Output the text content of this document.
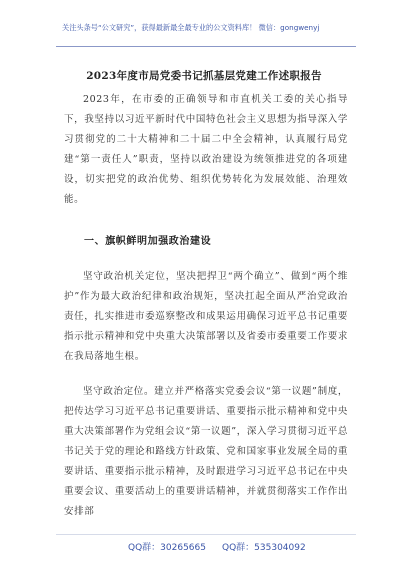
关注头条号“公文研究”，获得最新最全最专业的公文资料库！ 微信：gongwenyj
2023年度市局党委书记抓基层党建工作述职报告

2023年，在市委的正确领导和市直机关工委的关心指导下，我坚持以习近平新时代中国特色社会主义思想为指导深入学习贯彻党的二十大精神和二十届二中全会精神，认真履行局党建“第一责任人”职责，坚持以政治建设为统领推进党的各项建设，切实把党的政治优势、组织优势转化为发展效能、治理效能。

一、旗帜鲜明加强政治建设

坚守政治机关定位，坚决把捍卫“两个确立”、做到“两个维护”作为最大政治纪律和政治规矩，坚决扛起全面从严治党政治责任，扎实推进市委巡察整改和成果运用确保习近平总书记重要指示批示精神和党中央重大决策部署以及省委市委重要工作要求在我局落地生根。

坚守政治定位。建立并严格落实党委会议“第一议题”制度，把传达学习习近平总书记重要讲话、重要指示批示精神和党中央重大决策部署作为党组会议“第一议题”，深入学习贯彻习近平总书记关于党的理论和路线方针政策、党和国家事业发展全局的重要讲话、重要指示批示精神，及时跟进学习习近平总书记在中央重要会议、重要活动上的重要讲话精神，并就贯彻落实工作作出安排部

QQ群：30265665 QQ群：535304092
